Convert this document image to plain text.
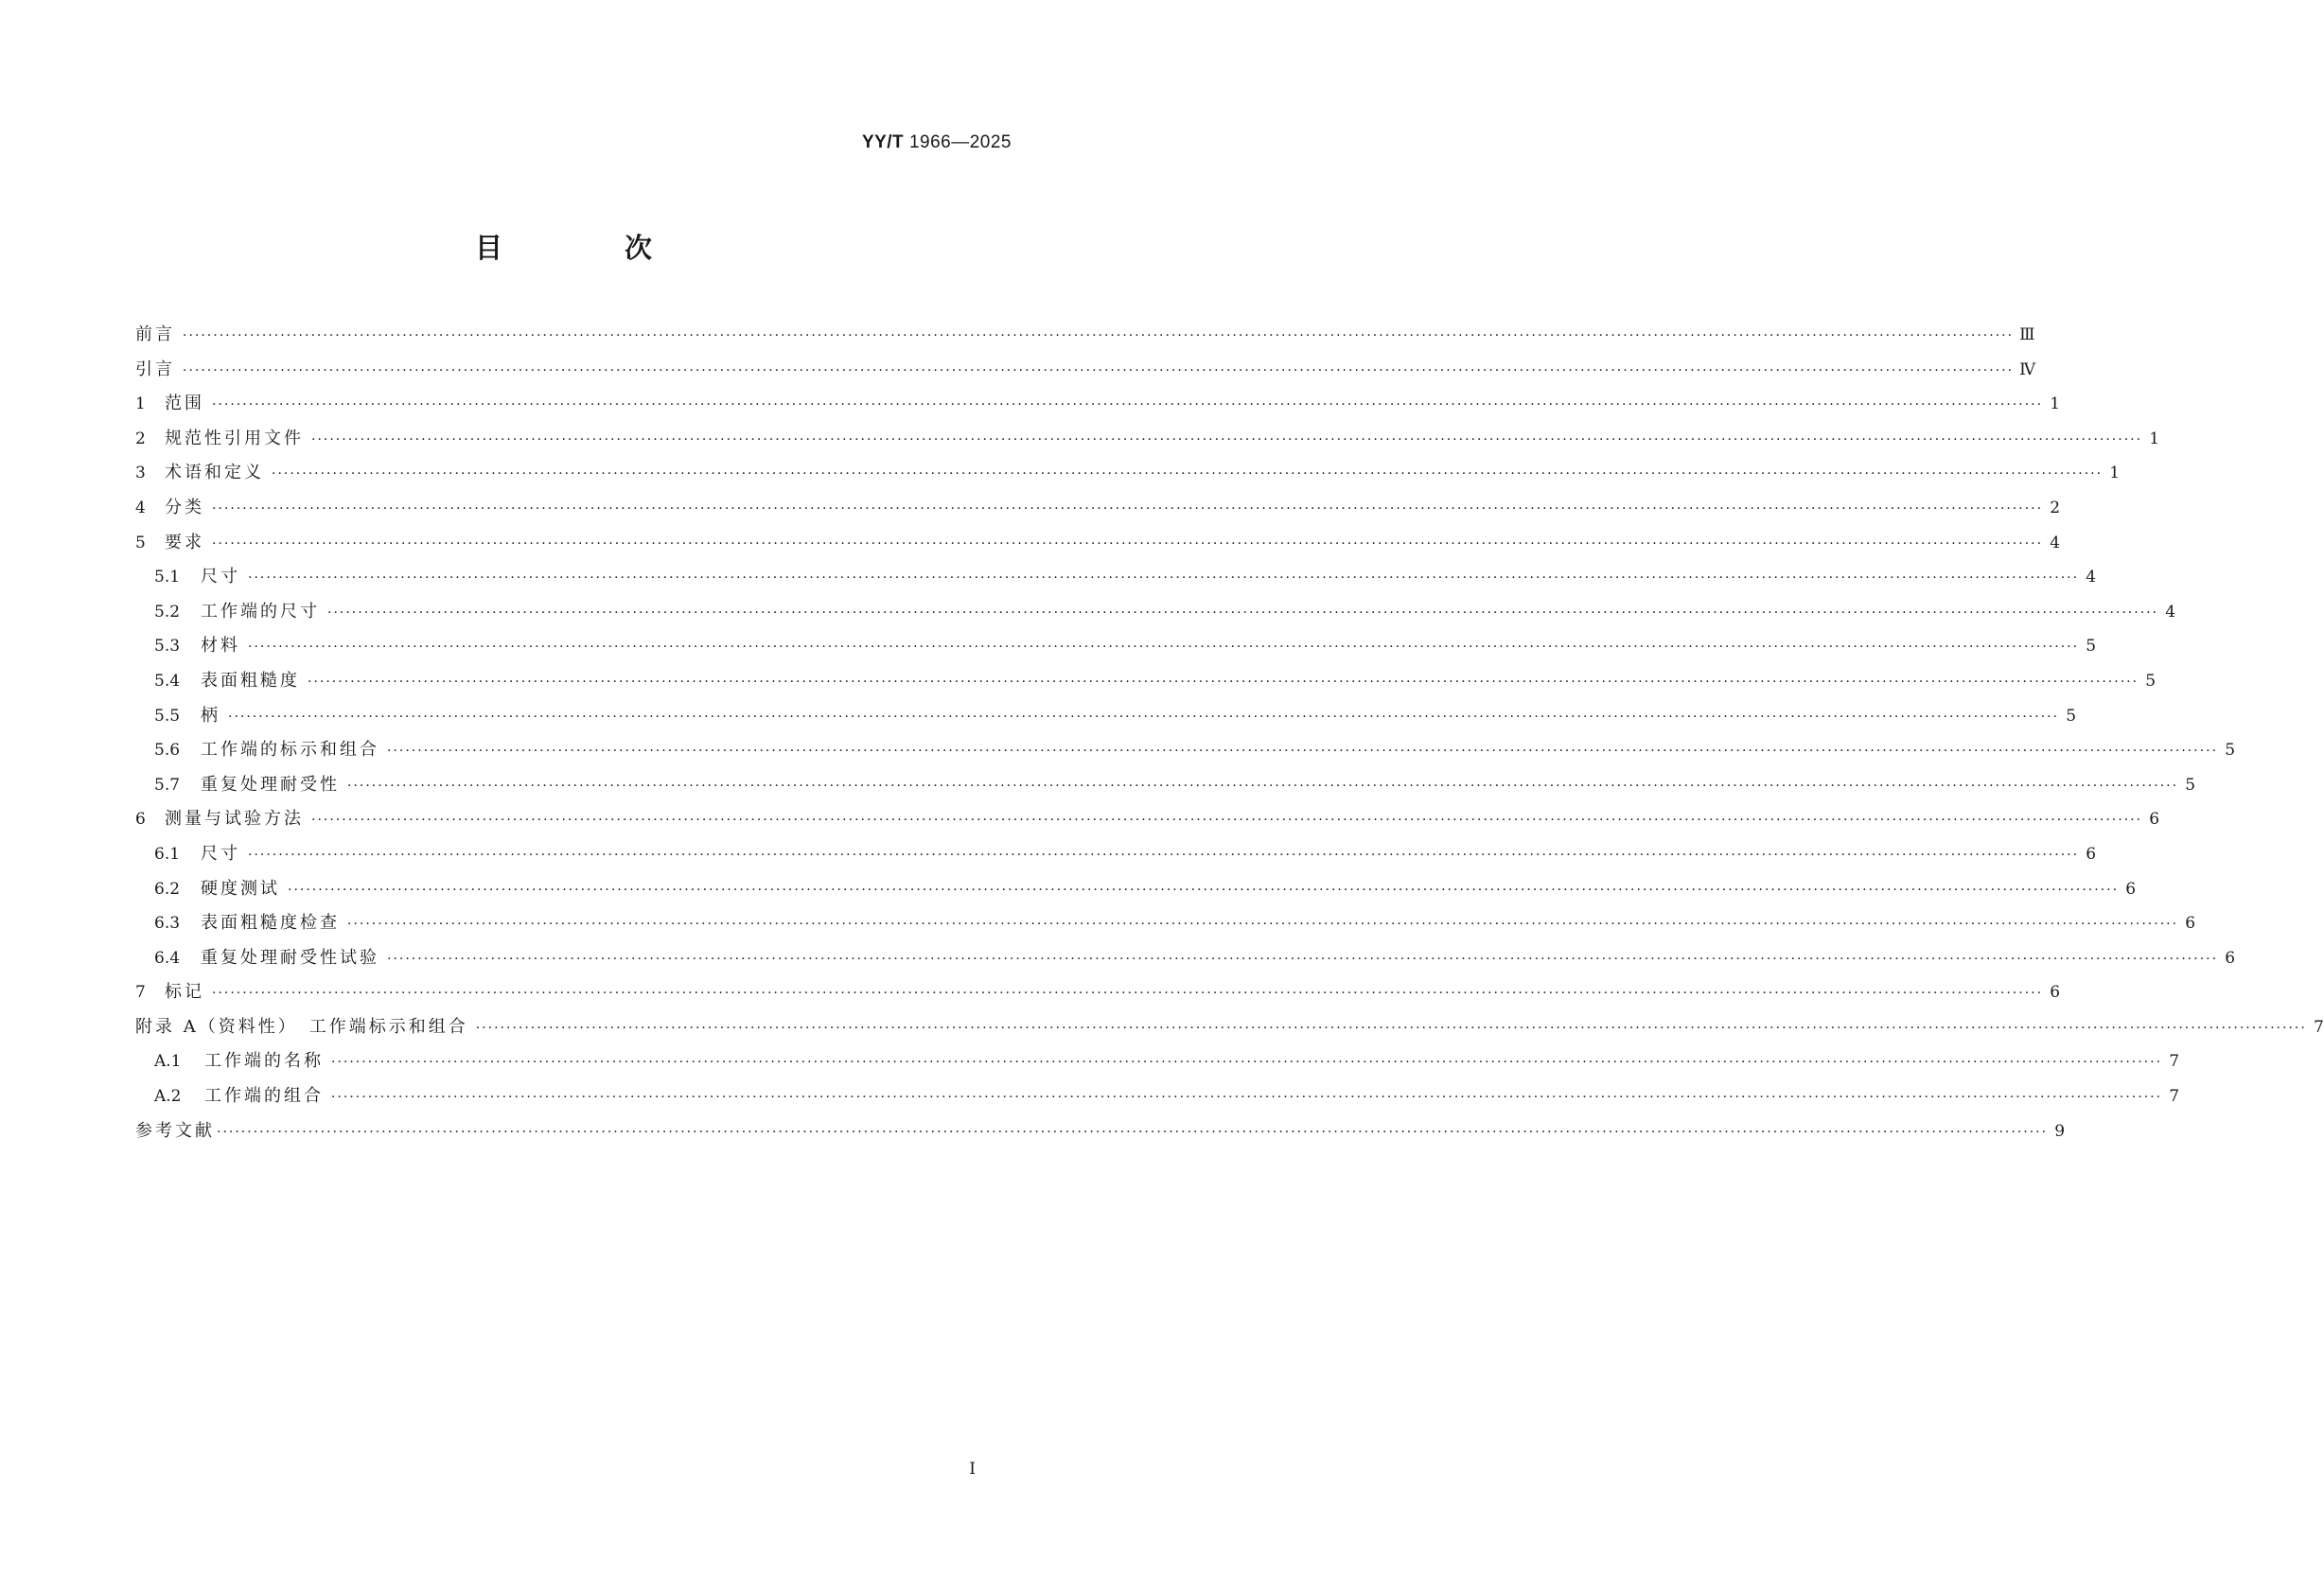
YY/T 1966—2025
目　次
前言 ············································································································································································································································································································ Ⅲ
引言 ············································································································································································································································································································ Ⅳ
1	范围 ············································································································································································································································································································ 1
2	规范性引用文件 ············································································································································································································································································································ 1
3	术语和定义 ············································································································································································································································································································ 1
4	分类 ············································································································································································································································································································ 2
5	要求 ············································································································································································································································································································ 4
5.1	尺寸 ············································································································································································································································································································ 4
5.2	工作端的尺寸 ············································································································································································································································································································ 4
5.3	材料 ············································································································································································································································································································ 5
5.4	表面粗糙度 ············································································································································································································································································································ 5
5.5	柄 ············································································································································································································································································································ 5
5.6	工作端的标示和组合 ············································································································································································································································································································ 5
5.7	重复处理耐受性 ············································································································································································································································································································ 5
6	测量与试验方法 ············································································································································································································································································································ 6
6.1	尺寸 ············································································································································································································································································································ 6
6.2	硬度测试 ············································································································································································································································································································ 6
6.3	表面粗糙度检查 ············································································································································································································································································································ 6
6.4	重复处理耐受性试验 ············································································································································································································································································································ 6
7	标记 ············································································································································································································································································································ 6
附录 A（资料性）　工作端标示和组合 ············································································································································································································································································································ 7
A.1	工作端的名称 ············································································································································································································································································································ 7
A.2	工作端的组合 ············································································································································································································································································································ 7
参考文献 ············································································································································································································································································································ 9
Ⅰ
